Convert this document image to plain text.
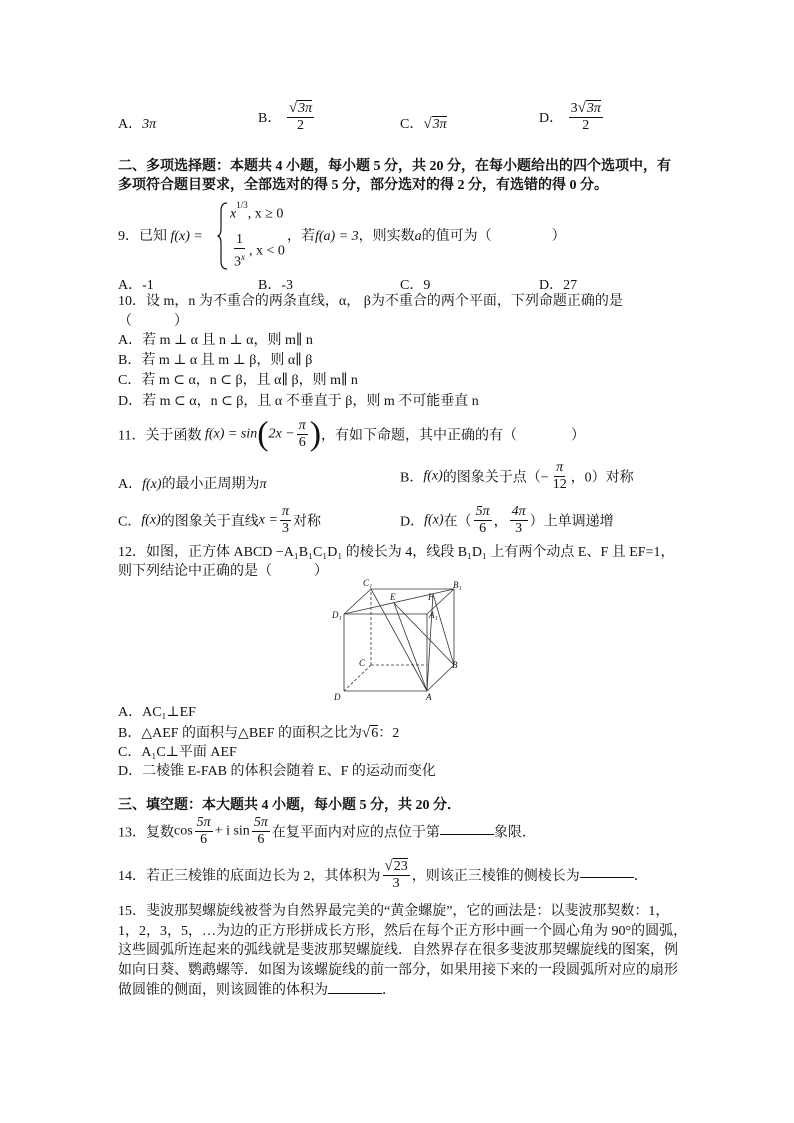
A．3π	B． $\frac{√3\pi}{2}$	C．√3π	D． $\frac{3√3\pi}{2}$
二、多项选择题：本题共 4 小题，每小题 5 分，共 20 分，在每小题给出的四个选项中，有
多项符合题目要求，全部选对的得 5 分，部分选对的得 2 分，有选错的得 0 分。
9．已知 f(x) =
$x^{1/3}$, x ≥ 0
$\frac{1}{3^x}$ , x < 0
，若f(a) = 3，则实数a的值可为（	）
A．-1	B．-3	C．9	D．27
10．设 m，n 为不重合的两条直线，α， β为不重合的两个平面，下列命题正确的是
（　　　）
A．若 m ⊥ α 且 n ⊥ α，则 m∥ n
B．若 m ⊥ α 且 m ⊥ β，则 α∥ β
C．若 m ⊂ α，n ⊂ β，且 α∥ β，则 m∥ n
D．若 m ⊂ α，n ⊂ β，且 α 不垂直于 β，则 m 不可能垂直 n
11．关于函数 $f(x) = \sin(2x - \frac{\pi}{6}$ )，有如下命题，其中正确的有（	）
A．f(x)的最小正周期为π	B．f(x)的图象关于点（− $\frac{\pi}{12}$ ，0）对称
C．f(x)的图象关于直线$x = \frac{\pi}{3}$ 对称	D．f(x)在（ $\frac{5\pi}{6}$ ， $\frac{4\pi}{3}$ ）上单调递增
12．如图，正方体 ABCD −A₁B₁C₁D₁ 的棱长为 4，线段 B₁D₁ 上有两个动点 E、F 且 EF=1，
则下列结论中正确的是（　　　）
C₁	B₁
D₁	A₁
E	F
C	B
D	A
A．AC₁⊥EF
B．△AEF 的面积与△BEF 的面积之比为√6：2
C．A₁C⊥平面 AEF
D．二棱锥 E-FAB 的体积会随着 E、F 的运动而变化
三、填空题：本大题共 4 小题，每小题 5 分，共 20 分．
13．复数$\cos \frac{5\pi}{6} + i$ $\sin \frac{5\pi}{6}$ 在复平面内对应的点位于第	象限．
14．若正三棱锥的底面边长为 2，其体积为 $\frac{√23}{3}$ ，则该正三棱锥的侧棱长为	．
15．斐波那契螺旋线被誉为自然界最完美的“黄金螺旋”，它的画法是：以斐波那契数：1，
1，2，3，5，…为边的正方形拼成长方形，然后在每个正方形中画一个圆心角为 90°的圆弧，
这些圆弧所连起来的弧线就是斐波那契螺旋线．自然界存在很多斐波那契螺旋线的图案，例
如向日葵、鹦鹉螺等．如图为该螺旋线的前一部分，如果用接下来的一段圆弧所对应的扇形
做圆锥的侧面，则该圆锥的体积为	．
